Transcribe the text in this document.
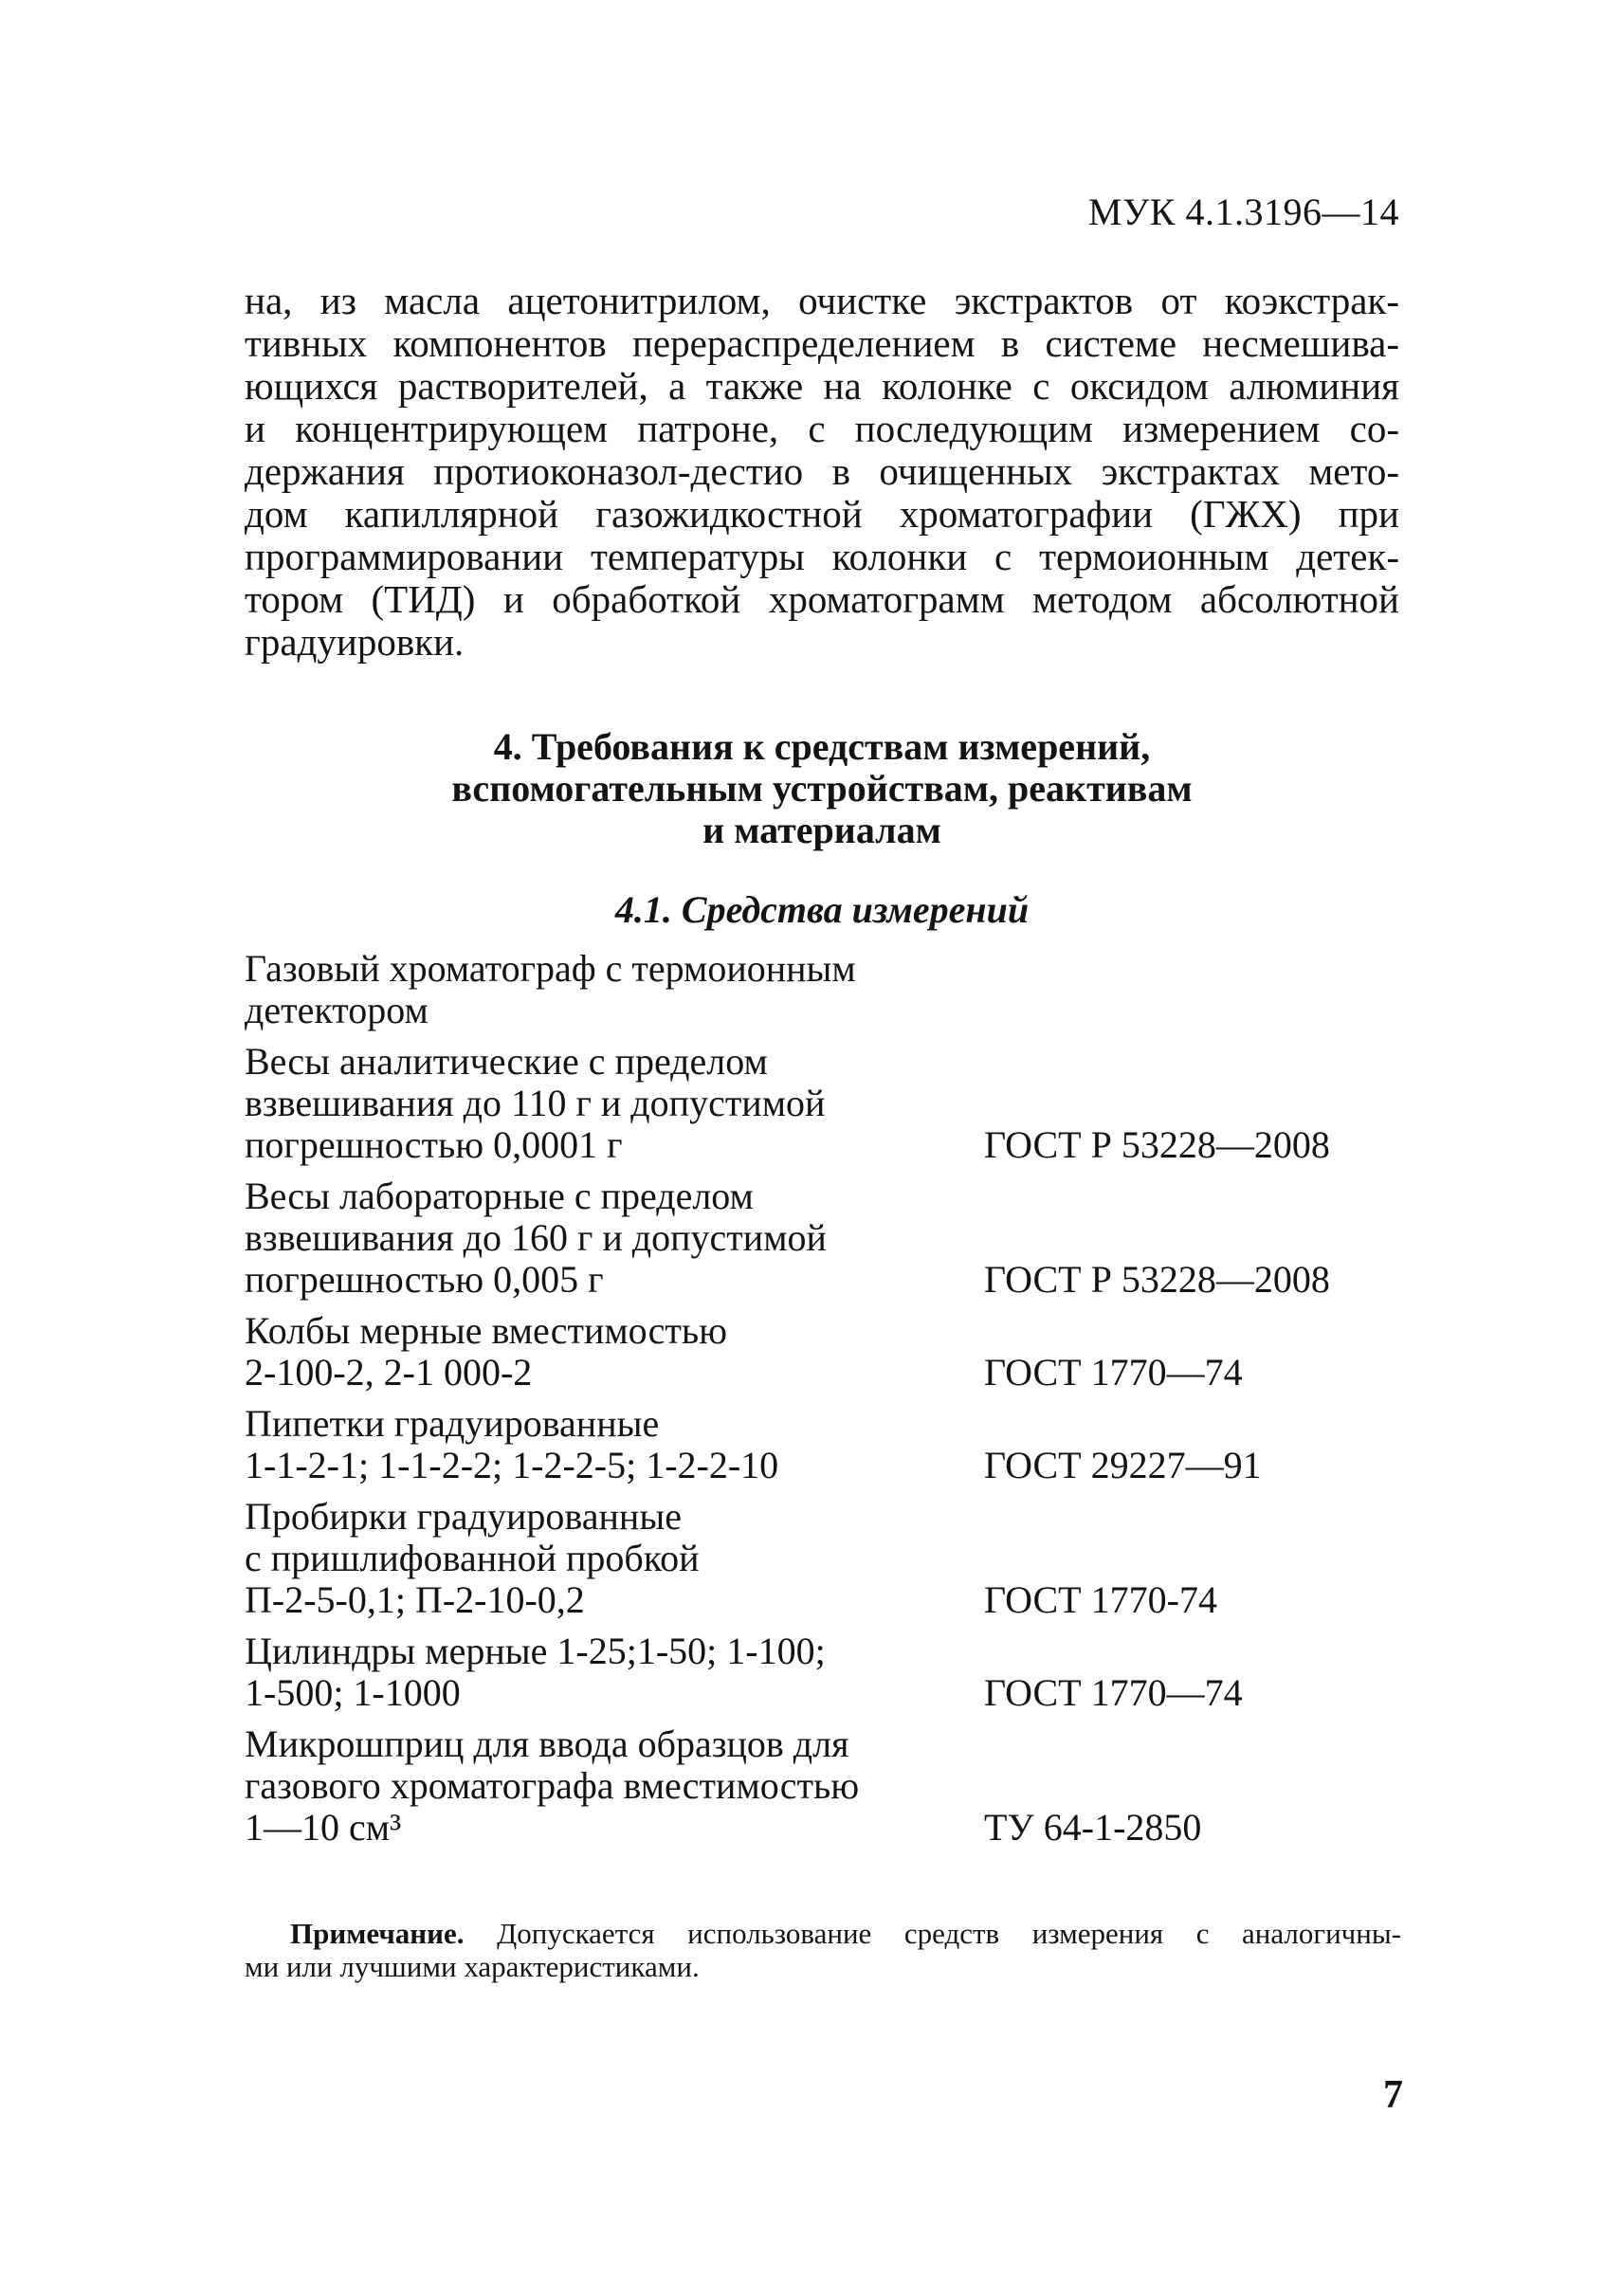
МУК 4.1.3196—14
на, из масла ацетонитрилом, очистке экстрактов от коэкстрак-
тивных компонентов перераспределением в системе несмешива-
ющихся растворителей, а также на колонке с оксидом алюминия
и концентрирующем патроне, с последующим измерением со-
держания протиоконазол-дестио в очищенных экстрактах мето-
дом капиллярной газожидкостной хроматографии (ГЖХ) при
программировании температуры колонки с термоионным детек-
тором (ТИД) и обработкой хроматограмм методом абсолютной
градуировки.
4. Требования к средствам измерений,
вспомогательным устройствам, реактивам
и материалам
4.1. Средства измерений
Газовый хроматограф с термоионным
детектором
Весы аналитические с пределом
взвешивания до 110 г и допустимой
погрешностью 0,0001 г	ГОСТ Р 53228—2008
Весы лабораторные с пределом
взвешивания до 160 г и допустимой
погрешностью 0,005 г	ГОСТ Р 53228—2008
Колбы мерные вместимостью
2-100-2, 2-1 000-2	ГОСТ 1770—74
Пипетки градуированные
1-1-2-1; 1-1-2-2; 1-2-2-5; 1-2-2-10	ГОСТ 29227—91
Пробирки градуированные
с пришлифованной пробкой
П-2-5-0,1; П-2-10-0,2	ГОСТ 1770-74
Цилиндры мерные 1-25;1-50; 1-100;
1-500; 1-1000	ГОСТ 1770—74
Микрошприц для ввода образцов для
газового хроматографа вместимостью
1—10 см³	ТУ 64-1-2850
Примечание. Допускается использование средств измерения с аналогичны-
ми или лучшими характеристиками.
7
